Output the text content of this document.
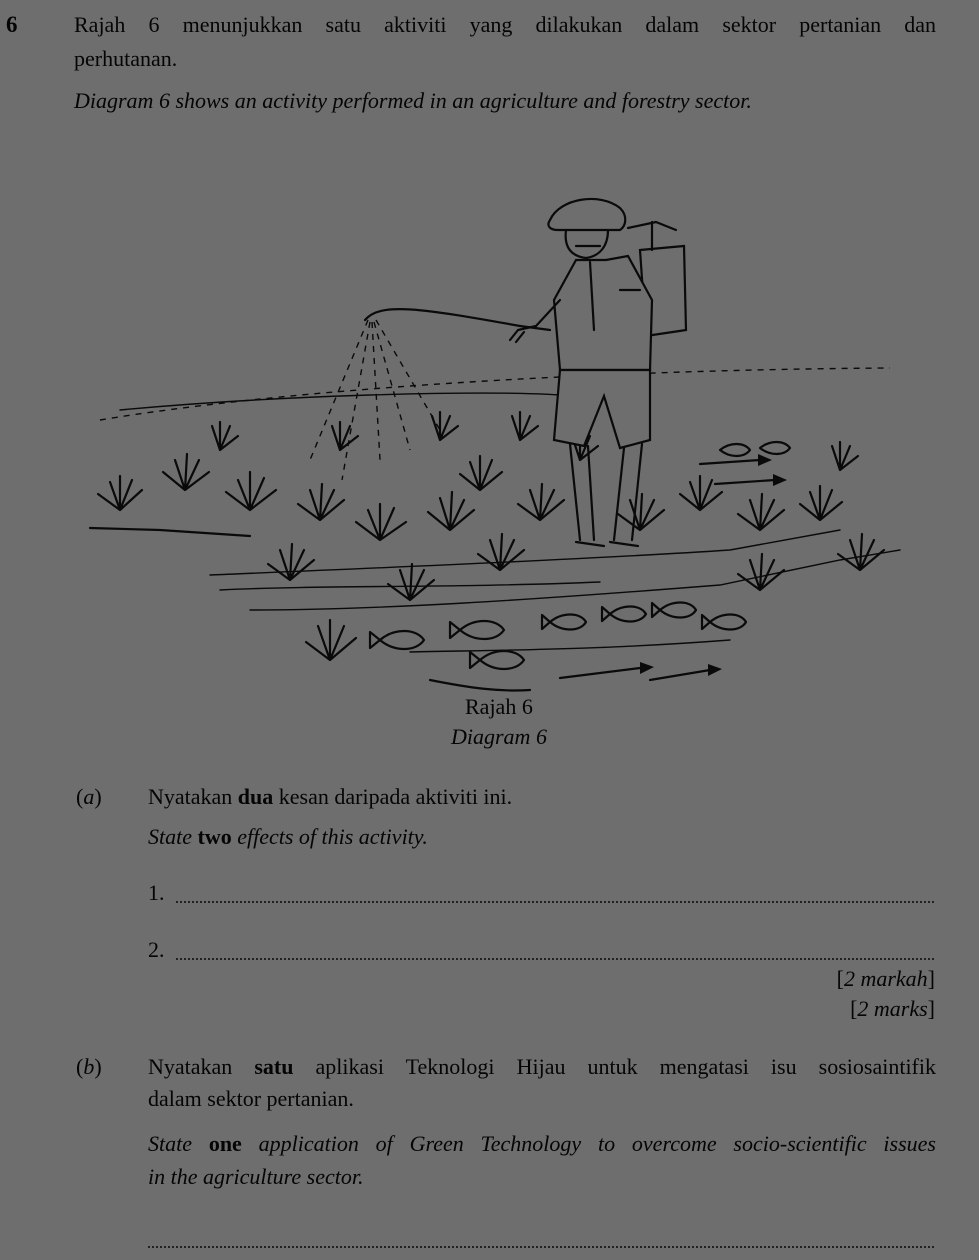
6	Rajah 6 menunjukkan satu aktiviti yang dilakukan dalam sektor pertanian dan
perhutanan.
Diagram 6 shows an activity performed in an agriculture and forestry sector.
Rajah 6
Diagram 6
(a) Nyatakan dua kesan daripada aktiviti ini.
State two effects of this activity.
1.
2.
[2 markah]
[2 marks]
(b) Nyatakan satu aplikasi Teknologi Hijau untuk mengatasi isu sosiosaintifik
dalam sektor pertanian.
State one application of Green Technology to overcome socio-scientific issues
in the agriculture sector.
